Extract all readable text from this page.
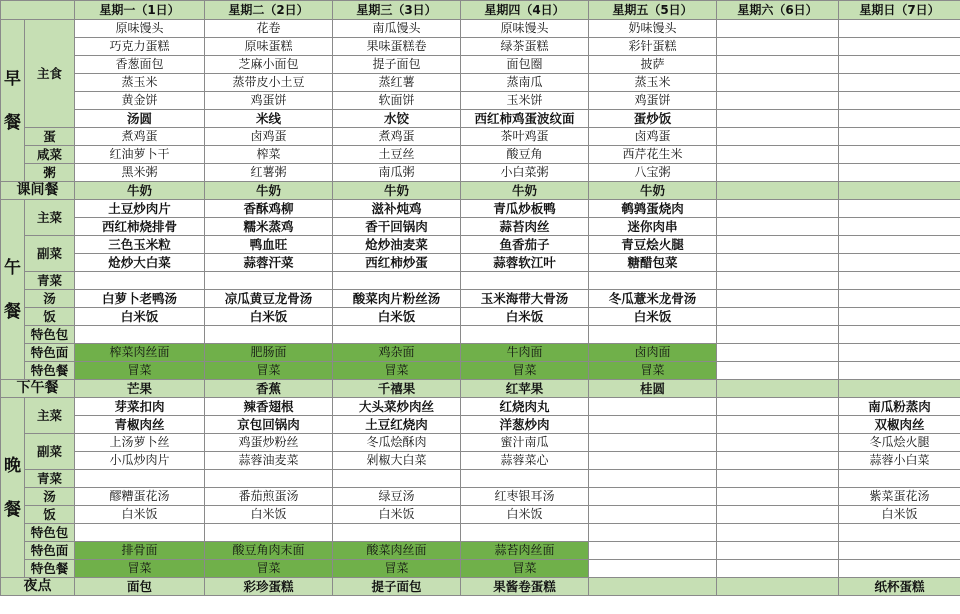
		星期一（1日）	星期二（2日）	星期三（3日）	星期四（4日）	星期五（5日）	星期六（6日）	星期日（7日）
早

餐	主食	原味馒头	花卷	南瓜馒头	原味馒头	奶味馒头		
		巧克力蛋糕	原味蛋糕	果味蛋糕卷	绿茶蛋糕	彩针蛋糕		
		香葱面包	芝麻小面包	提子面包	面包圈	披萨		
		蒸玉米	蒸带皮小土豆	蒸红薯	蒸南瓜	蒸玉米		
		黄金饼	鸡蛋饼	软面饼	玉米饼	鸡蛋饼		
		汤圆	米线	水饺	西红柿鸡蛋波纹面	蛋炒饭		
	蛋	煮鸡蛋	卤鸡蛋	煮鸡蛋	茶叶鸡蛋	卤鸡蛋		
	咸菜	红油萝卜干	榨菜	土豆丝	酸豆角	西芹花生米		
	粥	黑米粥	红薯粥	南瓜粥	小白菜粥	八宝粥		
课间餐		牛奶	牛奶	牛奶	牛奶	牛奶		
午

餐	主菜	土豆炒肉片	香酥鸡柳	滋补炖鸡	青瓜炒板鸭	鹌鹑蛋烧肉		
		西红柿烧排骨	糯米蒸鸡	香干回锅肉	蒜苔肉丝	迷你肉串		
	副菜	三色玉米粒	鸭血旺	炝炒油麦菜	鱼香茄子	青豆烩火腿		
		炝炒大白菜	蒜蓉汗菜	西红柿炒蛋	蒜蓉软江叶	糖醋包菜		
	青菜							
	汤	白萝卜老鸭汤	凉瓜黄豆龙骨汤	酸菜肉片粉丝汤	玉米海带大骨汤	冬瓜薏米龙骨汤		
	饭	白米饭	白米饭	白米饭	白米饭	白米饭		
	特色包							
	特色面	榨菜肉丝面	肥肠面	鸡杂面	牛肉面	卤肉面		
	特色餐	冒菜	冒菜	冒菜	冒菜	冒菜		
下午餐		芒果	香蕉	千禧果	红苹果	桂圆		
晚

餐	主菜	芽菜扣肉	辣香翅根	大头菜炒肉丝	红烧肉丸			南瓜粉蒸肉
		青椒肉丝	京包回锅肉	土豆红烧肉	洋葱炒肉			双椒肉丝
	副菜	上汤萝卜丝	鸡蛋炒粉丝	冬瓜烩酥肉	蜜汁南瓜			冬瓜烩火腿
		小瓜炒肉片	蒜蓉油麦菜	剁椒大白菜	蒜蓉菜心			蒜蓉小白菜
	青菜							
	汤	醪糟蛋花汤	番茄煎蛋汤	绿豆汤	红枣银耳汤			紫菜蛋花汤
	饭	白米饭	白米饭	白米饭	白米饭			白米饭
	特色包							
	特色面	排骨面	酸豆角肉末面	酸菜肉丝面	蒜苔肉丝面			
	特色餐	冒菜	冒菜	冒菜	冒菜			
夜点		面包	彩珍蛋糕	提子面包	果酱卷蛋糕			纸杯蛋糕
